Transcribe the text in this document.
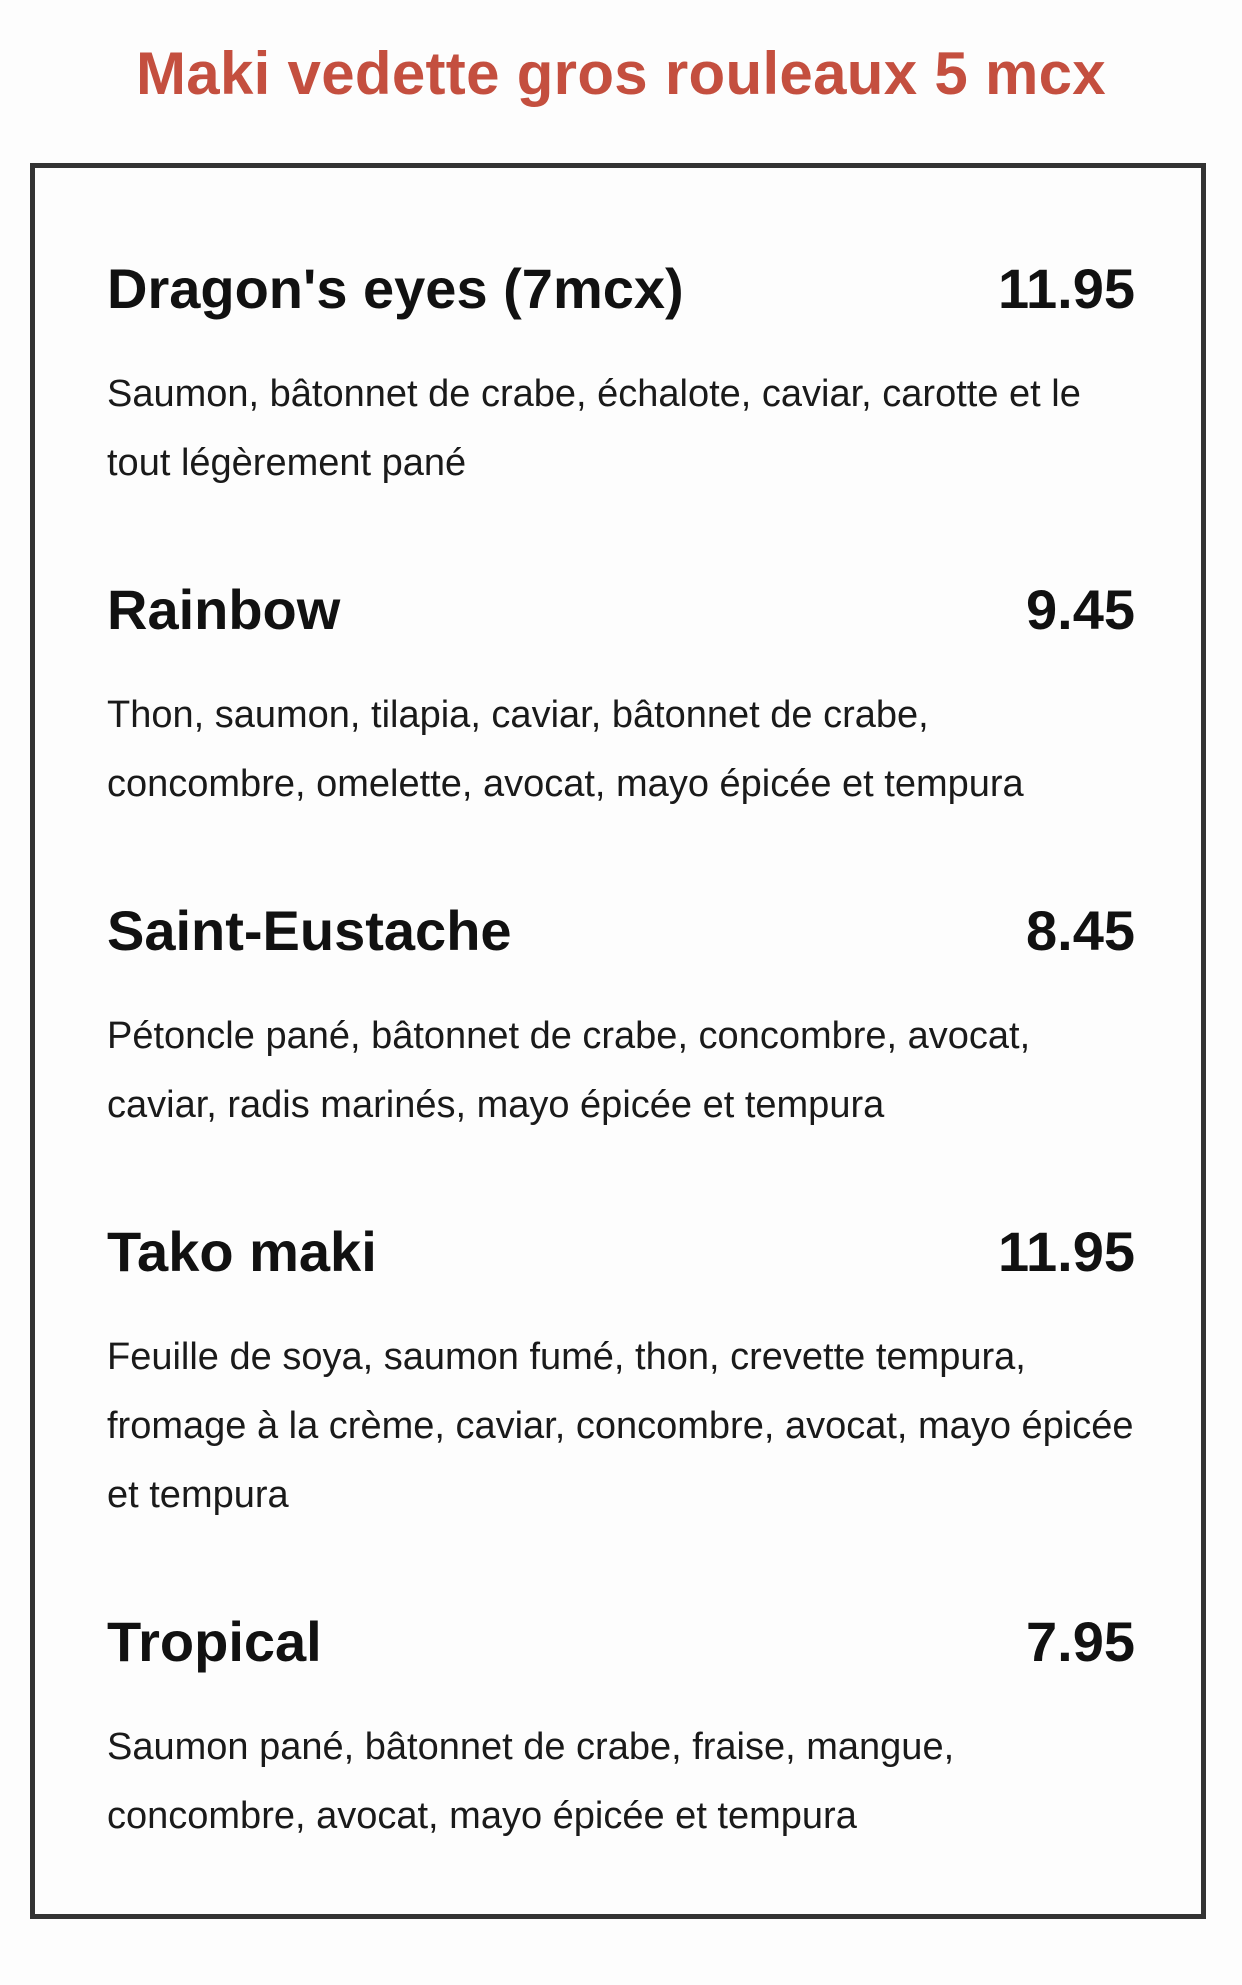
Maki vedette gros rouleaux 5 mcx
Dragon's eyes (7mcx)	11.95
Saumon, bâtonnet de crabe, échalote, caviar, carotte et le tout légèrement pané
Rainbow	9.45
Thon, saumon, tilapia, caviar, bâtonnet de crabe, concombre, omelette, avocat, mayo épicée et tempura
Saint-Eustache	8.45
Pétoncle pané, bâtonnet de crabe, concombre, avocat, caviar, radis marinés, mayo épicée et tempura
Tako maki	11.95
Feuille de soya, saumon fumé, thon, crevette tempura, fromage à la crème, caviar, concombre, avocat, mayo épicée et tempura
Tropical	7.95
Saumon pané, bâtonnet de crabe, fraise, mangue, concombre, avocat, mayo épicée et tempura
